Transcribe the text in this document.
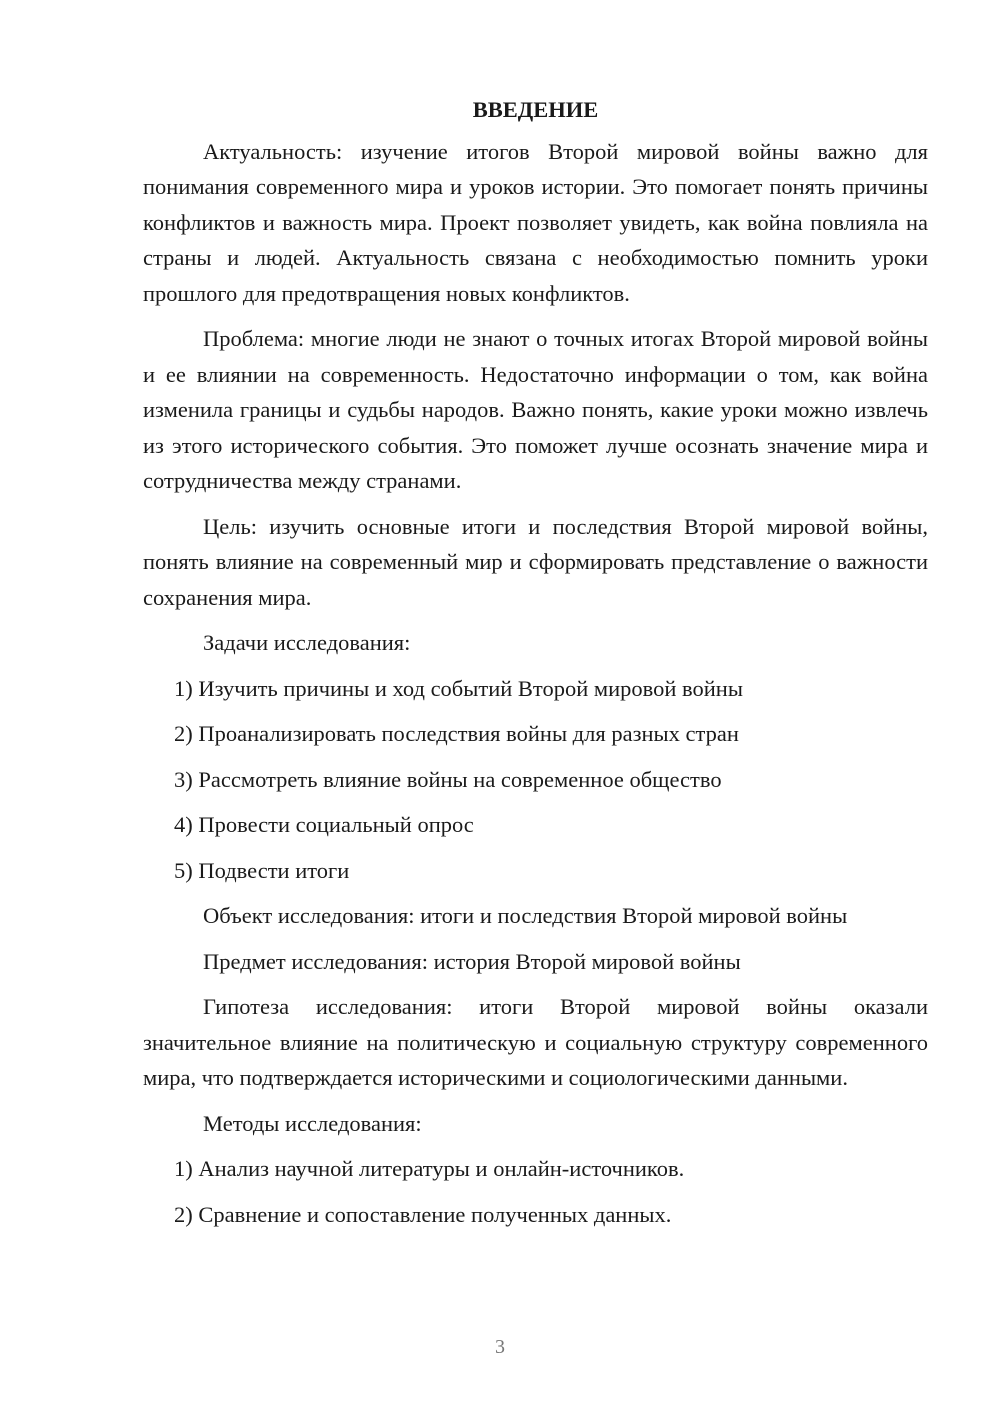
ВВЕДЕНИЕ

Актуальность: изучение итогов Второй мировой войны важно для понимания современного мира и уроков истории. Это помогает понять причины конфликтов и важность мира. Проект позволяет увидеть, как война повлияла на страны и людей. Актуальность связана с необходимостью помнить уроки прошлого для предотвращения новых конфликтов.

Проблема: многие люди не знают о точных итогах Второй мировой войны и ее влиянии на современность. Недостаточно информации о том, как война изменила границы и судьбы народов. Важно понять, какие уроки можно извлечь из этого исторического события. Это поможет лучше осознать значение мира и сотрудничества между странами.

Цель: изучить основные итоги и последствия Второй мировой войны, понять влияние на современный мир и сформировать представление о важности сохранения мира.

Задачи исследования:

1) Изучить причины и ход событий Второй мировой войны

2) Проанализировать последствия войны для разных стран

3) Рассмотреть влияние войны на современное общество

4) Провести социальный опрос

5) Подвести итоги

Объект исследования: итоги и последствия Второй мировой войны

Предмет исследования: история Второй мировой войны

Гипотеза исследования: итоги Второй мировой войны оказали значительное влияние на политическую и социальную структуру современного мира, что подтверждается историческими и социологическими данными.

Методы исследования:

1) Анализ научной литературы и онлайн-источников.

2) Сравнение и сопоставление полученных данных.

3
